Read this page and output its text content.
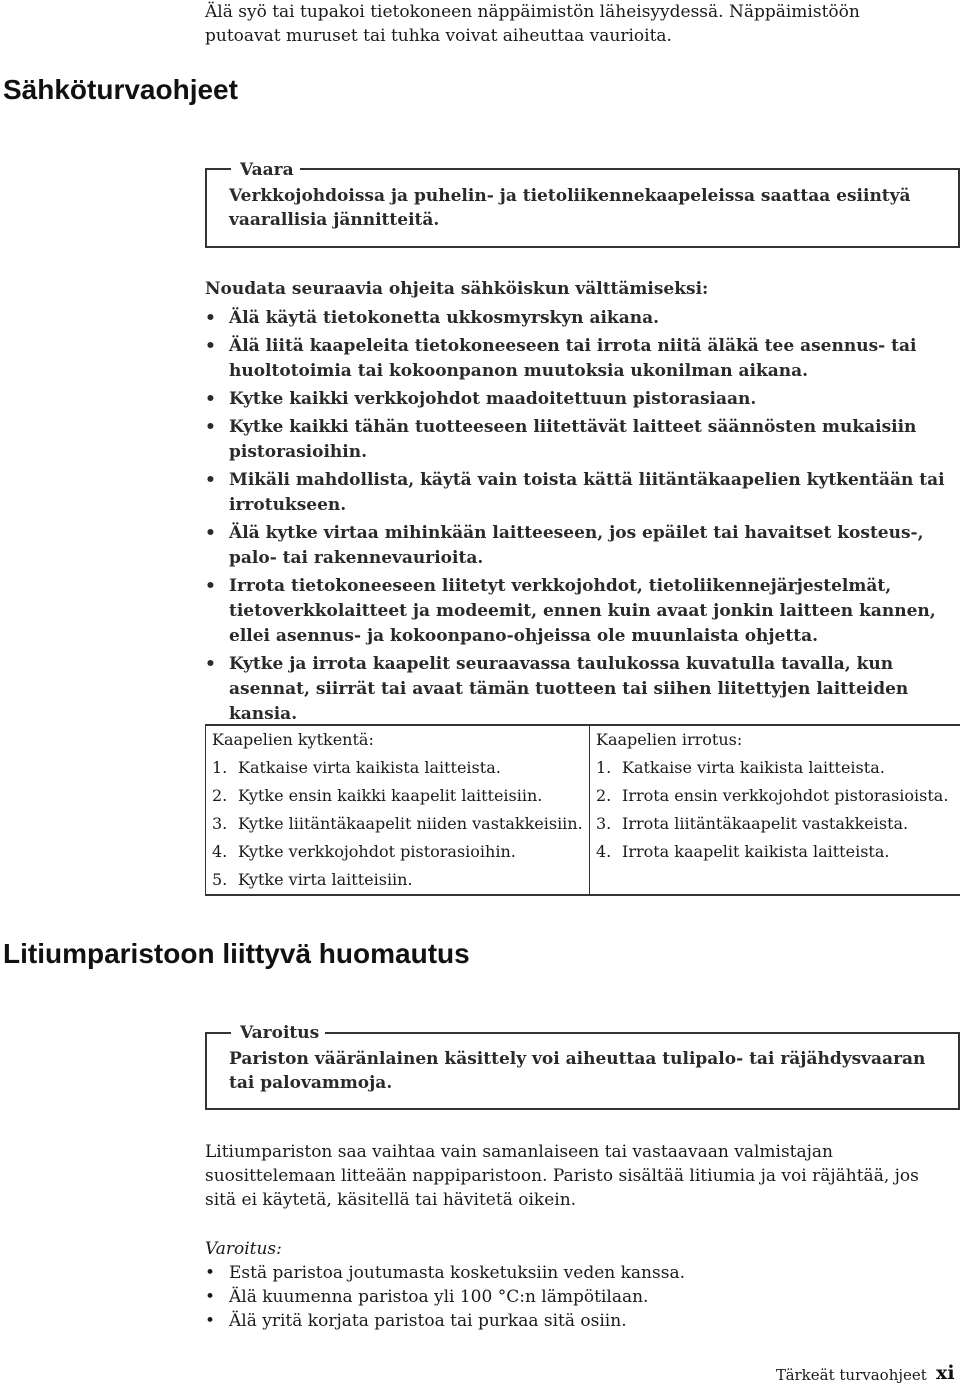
Älä syö tai tupakoi tietokoneen näppäimistön läheisyydessä. Näppäimistöön putoavat muruset tai tuhka voivat aiheuttaa vaurioita.

Sähköturvaohjeet
Vaara
Verkkojohdoissa ja puhelin- ja tietoliikennekaapeleissa saattaa esiintyä vaarallisia jännitteitä.
Noudata seuraavia ohjeita sähköiskun välttämiseksi:
• Älä käytä tietokonetta ukkosmyrskyn aikana.
• Älä liitä kaapeleita tietokoneeseen tai irrota niitä äläkä tee asennus- tai huoltotoimia tai kokoonpanon muutoksia ukonilman aikana.
• Kytke kaikki verkkojohdot maadoitettuun pistorasiaan.
• Kytke kaikki tähän tuotteeseen liitettävät laitteet säännösten mukaisiin pistorasioihin.
• Mikäli mahdollista, käytä vain toista kättä liitäntäkaapelien kytkentään tai irrotukseen.
• Älä kytke virtaa mihinkään laitteeseen, jos epäilet tai havaitset kosteus-, palo- tai rakennevaurioita.
• Irrota tietokoneeseen liitetyt verkkojohdot, tietoliikennejärjestelmät, tietoverkkolaitteet ja modeemit, ennen kuin avaat jonkin laitteen kannen, ellei asennus- ja kokoonpano-ohjeissa ole muunlaista ohjetta.
• Kytke ja irrota kaapelit seuraavassa taulukossa kuvatulla tavalla, kun asennat, siirrät tai avaat tämän tuotteen tai siihen liitettyjen laitteiden kansia.
Kaapelien kytkentä:	Kaapelien irrotus:
1. Katkaise virta kaikista laitteista.	1. Katkaise virta kaikista laitteista.
2. Kytke ensin kaikki kaapelit laitteisiin.	2. Irrota ensin verkkojohdot pistorasioista.
3. Kytke liitäntäkaapelit niiden vastakkeisiin.	3. Irrota liitäntäkaapelit vastakkeista.
4. Kytke verkkojohdot pistorasioihin.	4. Irrota kaapelit kaikista laitteista.
5. Kytke virta laitteisiin.	
Litiumparistoon liittyvä huomautus
Varoitus
Pariston vääränlainen käsittely voi aiheuttaa tulipalo- tai räjähdysvaaran tai palovammoja.

Litiumpariston saa vaihtaa vain samanlaiseen tai vastaavaan valmistajan suosittelemaan litteään nappiparistoon. Paristo sisältää litiumia ja voi räjähtää, jos sitä ei käytetä, käsitellä tai hävitetä oikein.

Varoitus:
• Estä paristoa joutumasta kosketuksiin veden kanssa.
• Älä kuumenna paristoa yli 100 °C:n lämpötilaan.
• Älä yritä korjata paristoa tai purkaa sitä osiin.
Tärkeät turvaohjeet xi
